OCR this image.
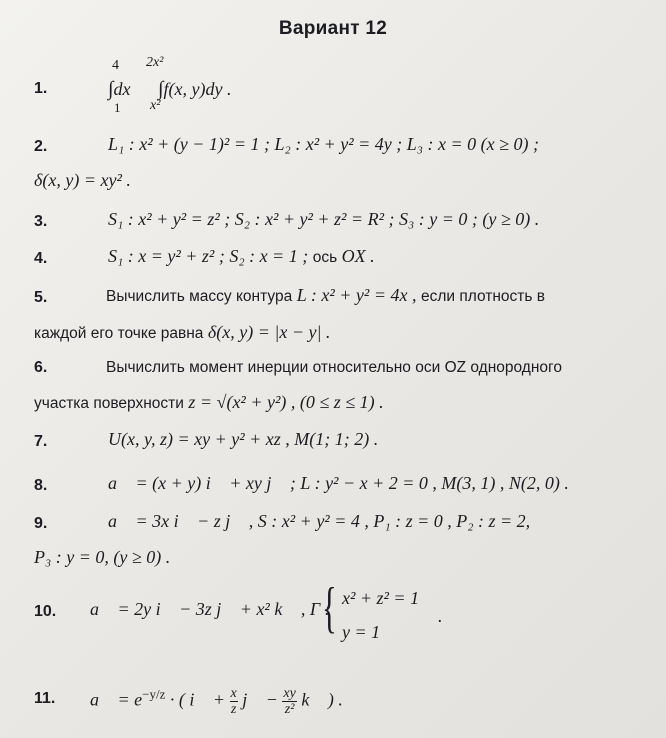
Вариант 12
1.
4
∫dx
1
2x²
∫f(x, y)dy .
x²
2.	L₁ : x² + (y − 1)² = 1 ; L₂ : x² + y² = 4y ; L₃ : x = 0 (x ≥ 0) ;
δ(x, y) = xy² .
3.	S₁ : x² + y² = z² ; S₂ : x² + y² + z² = R² ; S₃ : y = 0 ; (y ≥ 0) .
4.	S₁ : x = y² + z² ; S₂ : x = 1 ; ось OX .
5.	Вычислить массу контура L : x² + y² = 4x , если плотность в
каждой его точке равна δ(x, y) = |x − y| .
6.	Вычислить момент инерции относительно оси OZ однородного
участка поверхности z = √(x² + y²) , (0 ≤ z ≤ 1) .
7.	U(x, y, z) = xy + y² + xz , M(1; 1; 2) .
8.	a⃗ = (x + y) i⃗ + xy j⃗ ; L : y² − x + 2 = 0 , M(3, 1) , N(2, 0) .
9.	a⃗ = 3x i⃗ − z j⃗ , S : x² + y² = 4 , P₁ : z = 0 , P₂ : z = 2,
P₃ : y = 0, (y ≥ 0) .
10. a⃗ = 2y i⃗ − 3z j⃗ + x² k⃗ , Γ :
{ x² + z² = 1
y = 1
.
11. a⃗ = $e^{-y/z}$ · ( i⃗ + $\frac{x}{z}$ j⃗ − $\frac{xy}{\text{z²}}$ k⃗ ) .
